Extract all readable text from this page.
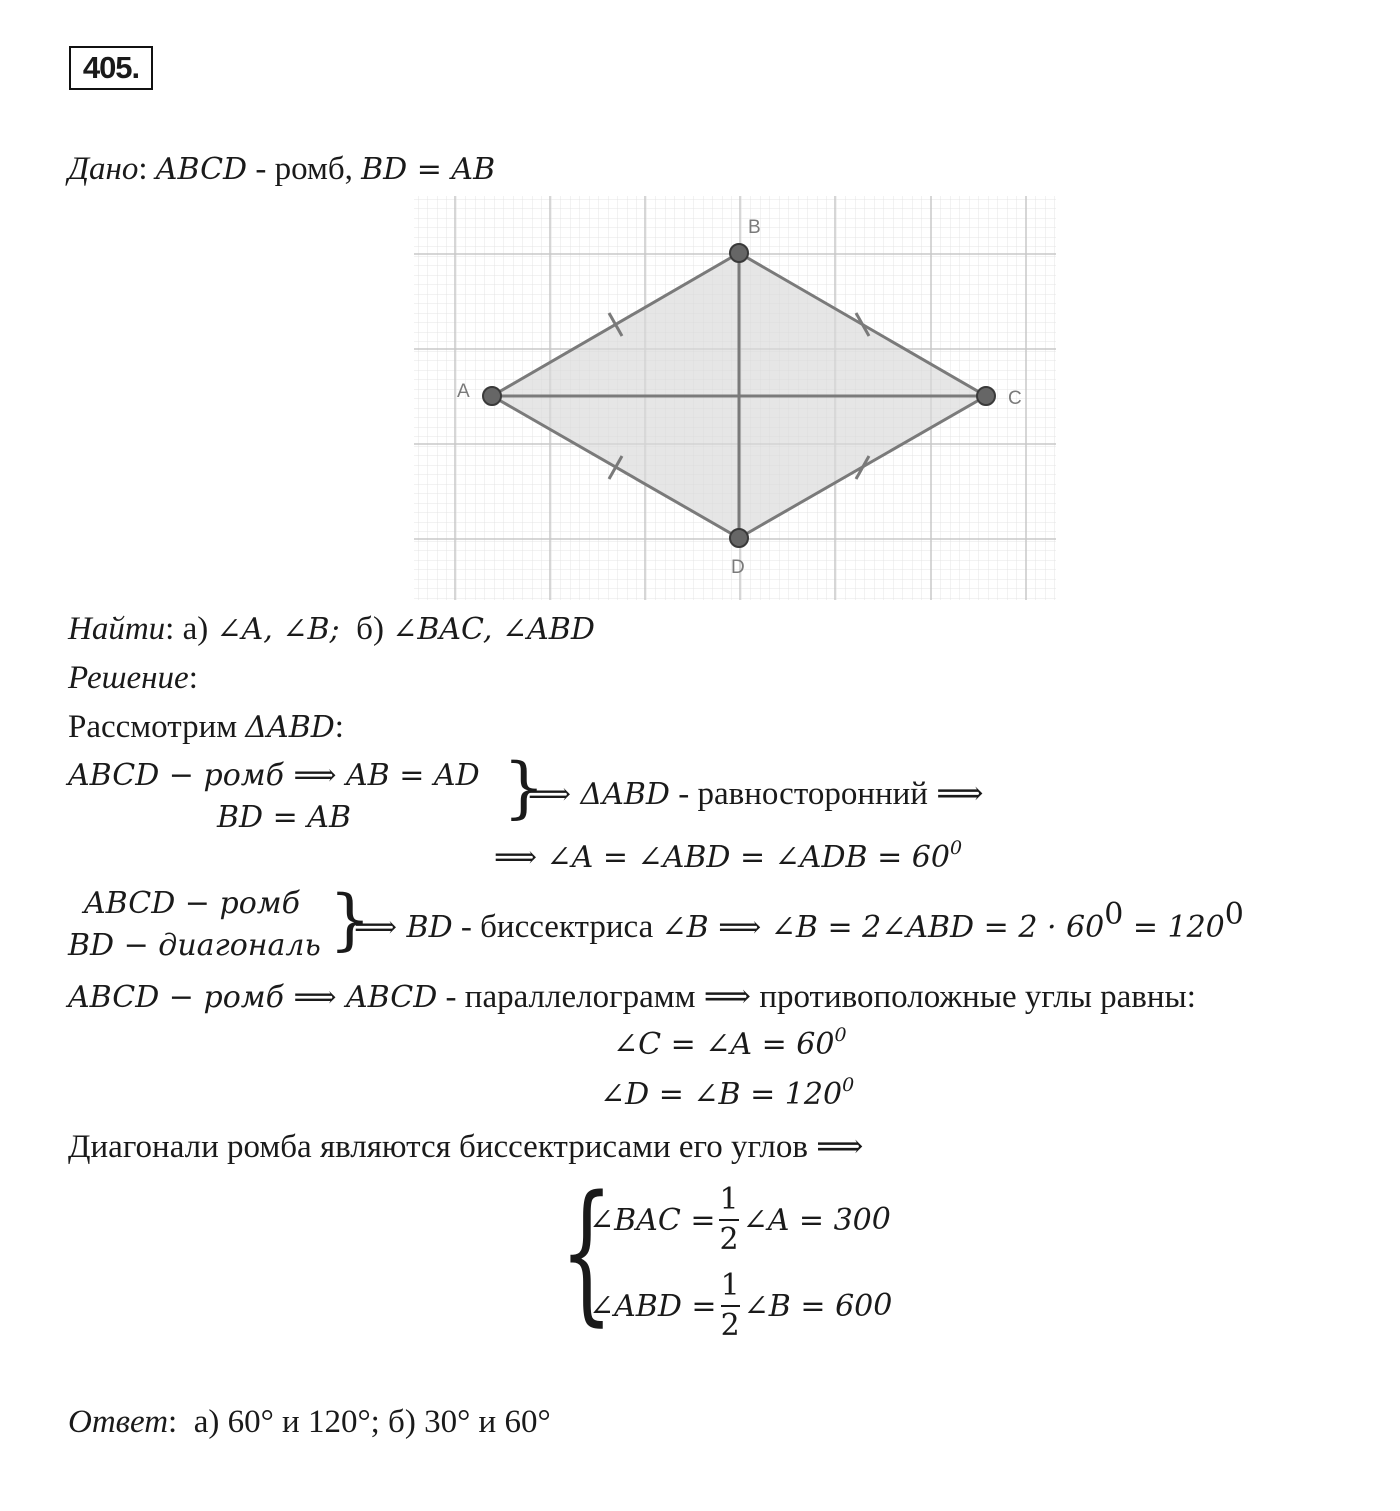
405.
Дано: ABCD - ромб, BD = AB
A
B
C
D
Найти: а) ∠A, ∠B; б) ∠BAC, ∠ABD
Решение:
Рассмотрим ΔABD:
ABCD − ромб ⟹ AB = AD
BD = AB }
⟹ ΔABD - равносторонний ⟹
⟹ ∠A = ∠ABD = ∠ADB = $60^0$
ABCD − ромб
BD − диагональ }
⟹ BD - биссектриса ∠B ⟹ ∠B = 2∠ABD = $2 \cdot 60^0 = 120^0$
ABCD − ромб ⟹ ABCD - параллелограмм ⟹ противоположные углы равны:
∠C = ∠A = $60^0$
∠D = ∠B = $120^0$
Диагонали ромба являются биссектрисами его углов ⟹
{
∠BAC = $\frac{1}{2}$ ∠A = 30 0
∠ABD = $\frac{1}{2}$ ∠B = 60 0
Ответ:  а) 60° и 120°; б) 30° и 60°
